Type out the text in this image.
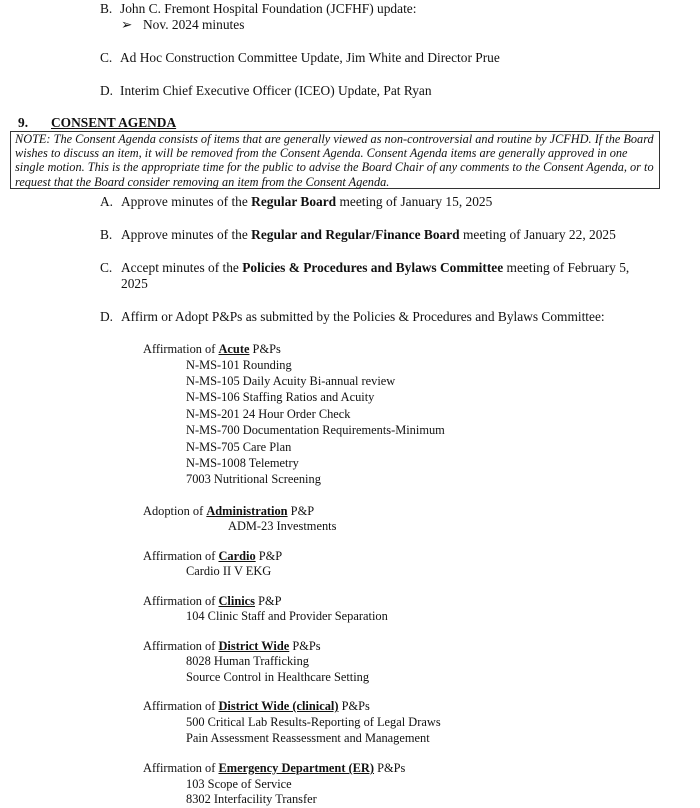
B. John C. Fremont Hospital Foundation (JCFHF) update:
➢ Nov. 2024 minutes
C. Ad Hoc Construction Committee Update, Jim White and Director Prue
D. Interim Chief Executive Officer (ICEO) Update, Pat Ryan
9. CONSENT AGENDA
NOTE: The Consent Agenda consists of items that are generally viewed as non-controversial and routine by JCFHD. If the Board wishes to discuss an item, it will be removed from the Consent Agenda. Consent Agenda items are generally approved in one single motion. This is the appropriate time for the public to advise the Board Chair of any comments to the Consent Agenda, or to request that the Board consider removing an item from the Consent Agenda.
A. Approve minutes of the Regular Board meeting of January 15, 2025
B. Approve minutes of the Regular and Regular/Finance Board meeting of January 22, 2025
C. Accept minutes of the Policies & Procedures and Bylaws Committee meeting of February 5,
2025
D. Affirm or Adopt P&Ps as submitted by the Policies & Procedures and Bylaws Committee:
Affirmation of Acute P&Ps
N-MS-101 Rounding
N-MS-105 Daily Acuity Bi-annual review
N-MS-106 Staffing Ratios and Acuity
N-MS-201 24 Hour Order Check
N-MS-700 Documentation Requirements-Minimum
N-MS-705 Care Plan
N-MS-1008 Telemetry
7003 Nutritional Screening
Adoption of Administration P&P
ADM-23 Investments
Affirmation of Cardio P&P
Cardio II V EKG
Affirmation of Clinics P&P
104 Clinic Staff and Provider Separation
Affirmation of District Wide P&Ps
8028 Human Trafficking
Source Control in Healthcare Setting
Affirmation of District Wide (clinical) P&Ps
500 Critical Lab Results-Reporting of Legal Draws
Pain Assessment Reassessment and Management
Affirmation of Emergency Department (ER) P&Ps
103 Scope of Service
8302 Interfacility Transfer
